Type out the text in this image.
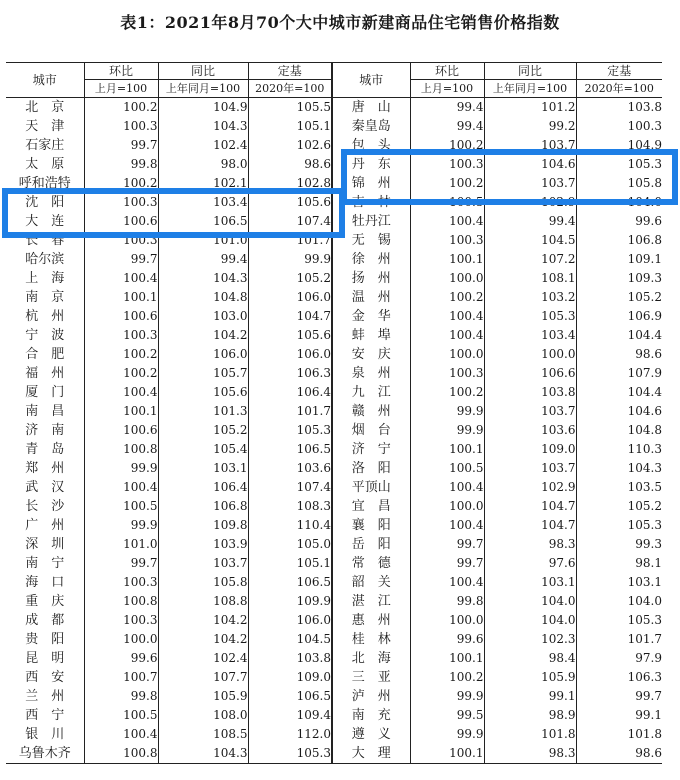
表1：2021年8月70个大中城市新建商品住宅销售价格指数
城市	环比	同比	定基	城市	环比	同比	定基
	上月=100	上年同月=100	2020年=100		上月=100	上年同月=100	2020年=100
北　京	100.2	104.9	105.5	唐　山	99.4	101.2	103.8
天　津	100.3	104.3	105.1	秦皇岛	99.4	99.2	100.3
石家庄	99.7	102.4	102.6	包　头	100.2	103.7	104.9
太　原	99.8	98.0	98.6	丹　东	100.3	104.6	105.3
呼和浩特	100.2	102.1	102.8	锦　州	100.2	103.7	105.8
沈　阳	100.3	103.4	105.6	吉　林	100.5	102.9	104.0
大　连	100.6	106.5	107.4	牡丹江	100.4	99.4	99.6
长　春	100.3	101.0	101.7	无　锡	100.3	104.5	106.8
哈尔滨	99.7	99.4	99.9	徐　州	100.1	107.2	109.1
上　海	100.4	104.3	105.2	扬　州	100.0	108.1	109.3
南　京	100.1	104.8	106.0	温　州	100.2	103.2	105.2
杭　州	100.6	103.0	104.7	金　华	100.4	105.3	106.9
宁　波	100.3	104.2	105.6	蚌　埠	100.4	103.4	104.4
合　肥	100.2	106.0	106.0	安　庆	100.0	100.0	98.6
福　州	100.2	105.7	106.3	泉　州	100.3	106.6	107.9
厦　门	100.4	105.6	106.4	九　江	100.2	103.8	104.4
南　昌	100.1	101.3	101.7	赣　州	99.9	103.7	104.6
济　南	100.6	105.2	105.3	烟　台	99.9	103.6	104.8
青　岛	100.8	105.4	106.5	济　宁	100.1	109.0	110.3
郑　州	99.9	103.1	103.6	洛　阳	100.5	103.7	104.3
武　汉	100.4	106.4	107.4	平顶山	100.4	102.9	103.5
长　沙	100.5	106.8	108.3	宜　昌	100.0	104.7	105.2
广　州	99.9	109.8	110.4	襄　阳	100.4	104.7	105.3
深　圳	101.0	103.9	105.0	岳　阳	99.7	98.3	99.3
南　宁	99.7	103.7	105.1	常　德	99.7	97.6	98.1
海　口	100.3	105.8	106.5	韶　关	100.4	103.1	103.1
重　庆	100.8	108.8	109.9	湛　江	99.8	104.0	104.0
成　都	100.3	104.2	106.0	惠　州	100.0	104.0	105.3
贵　阳	100.0	104.2	104.5	桂　林	99.6	102.3	101.7
昆　明	99.6	102.4	103.8	北　海	100.1	98.4	97.9
西　安	100.7	107.7	109.0	三　亚	100.2	105.9	106.3
兰　州	99.8	105.9	106.5	泸　州	99.9	99.1	99.7
西　宁	100.5	108.0	109.4	南　充	99.5	98.9	99.1
银　川	100.4	108.5	112.0	遵　义	99.9	101.8	101.8
乌鲁木齐	100.8	104.3	105.3	大　理	100.1	98.3	98.6
